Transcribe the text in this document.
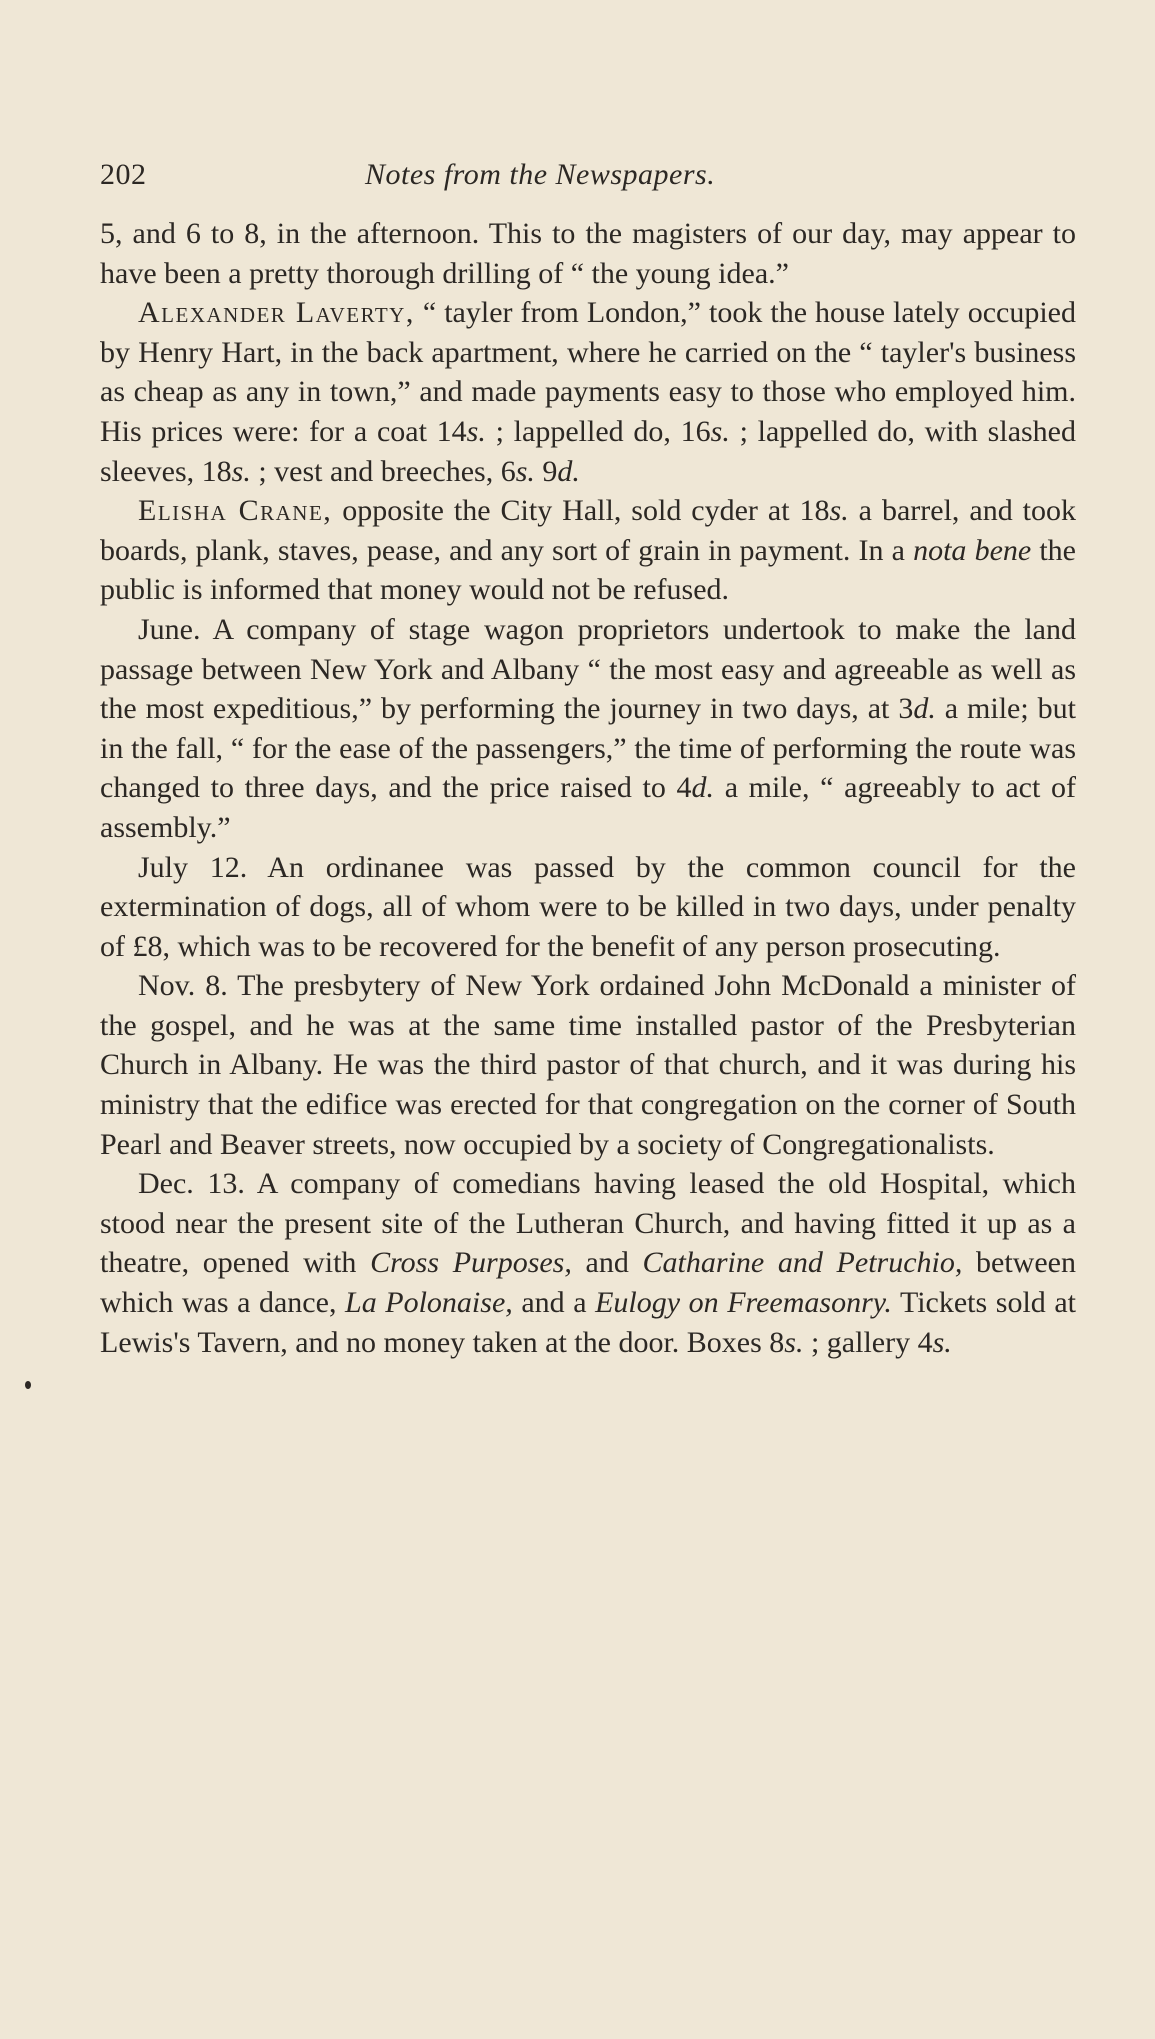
202	Notes from the Newspapers.

5, and 6 to 8, in the afternoon. This to the magisters of our day, may appear to have been a pretty thorough drilling of “ the young idea.”

Alexander Laverty, “ tayler from London,” took the house lately occupied by Henry Hart, in the back apartment, where he carried on the “ tayler's business as cheap as any in town,” and made payments easy to those who employed him. His prices were: for a coat 14s. ; lappelled do, 16s. ; lappelled do, with slashed sleeves, 18s. ; vest and breeches, 6s. 9d.

Elisha Crane, opposite the City Hall, sold cyder at 18s. a barrel, and took boards, plank, staves, pease, and any sort of grain in payment. In a nota bene the public is informed that money would not be refused.

June. A company of stage wagon proprietors undertook to make the land passage between New York and Albany “ the most easy and agreeable as well as the most expeditious,” by performing the journey in two days, at 3d. a mile; but in the fall, “ for the ease of the passengers,” the time of performing the route was changed to three days, and the price raised to 4d. a mile, “ agreeably to act of assembly.”

July 12. An ordinanee was passed by the common council for the extermination of dogs, all of whom were to be killed in two days, under penalty of £8, which was to be recovered for the benefit of any person prosecuting.

Nov. 8. The presbytery of New York ordained John McDonald a minister of the gospel, and he was at the same time installed pastor of the Presbyterian Church in Albany. He was the third pastor of that church, and it was during his ministry that the edifice was erected for that congregation on the corner of South Pearl and Beaver streets, now occupied by a society of Congregationalists.

Dec. 13. A company of comedians having leased the old Hospital, which stood near the present site of the Lutheran Church, and having fitted it up as a theatre, opened with Cross Purposes, and Catharine and Petruchio, between which was a dance, La Polonaise, and a Eulogy on Freemasonry. Tickets sold at Lewis's Tavern, and no money taken at the door. Boxes 8s. ; gallery 4s.
